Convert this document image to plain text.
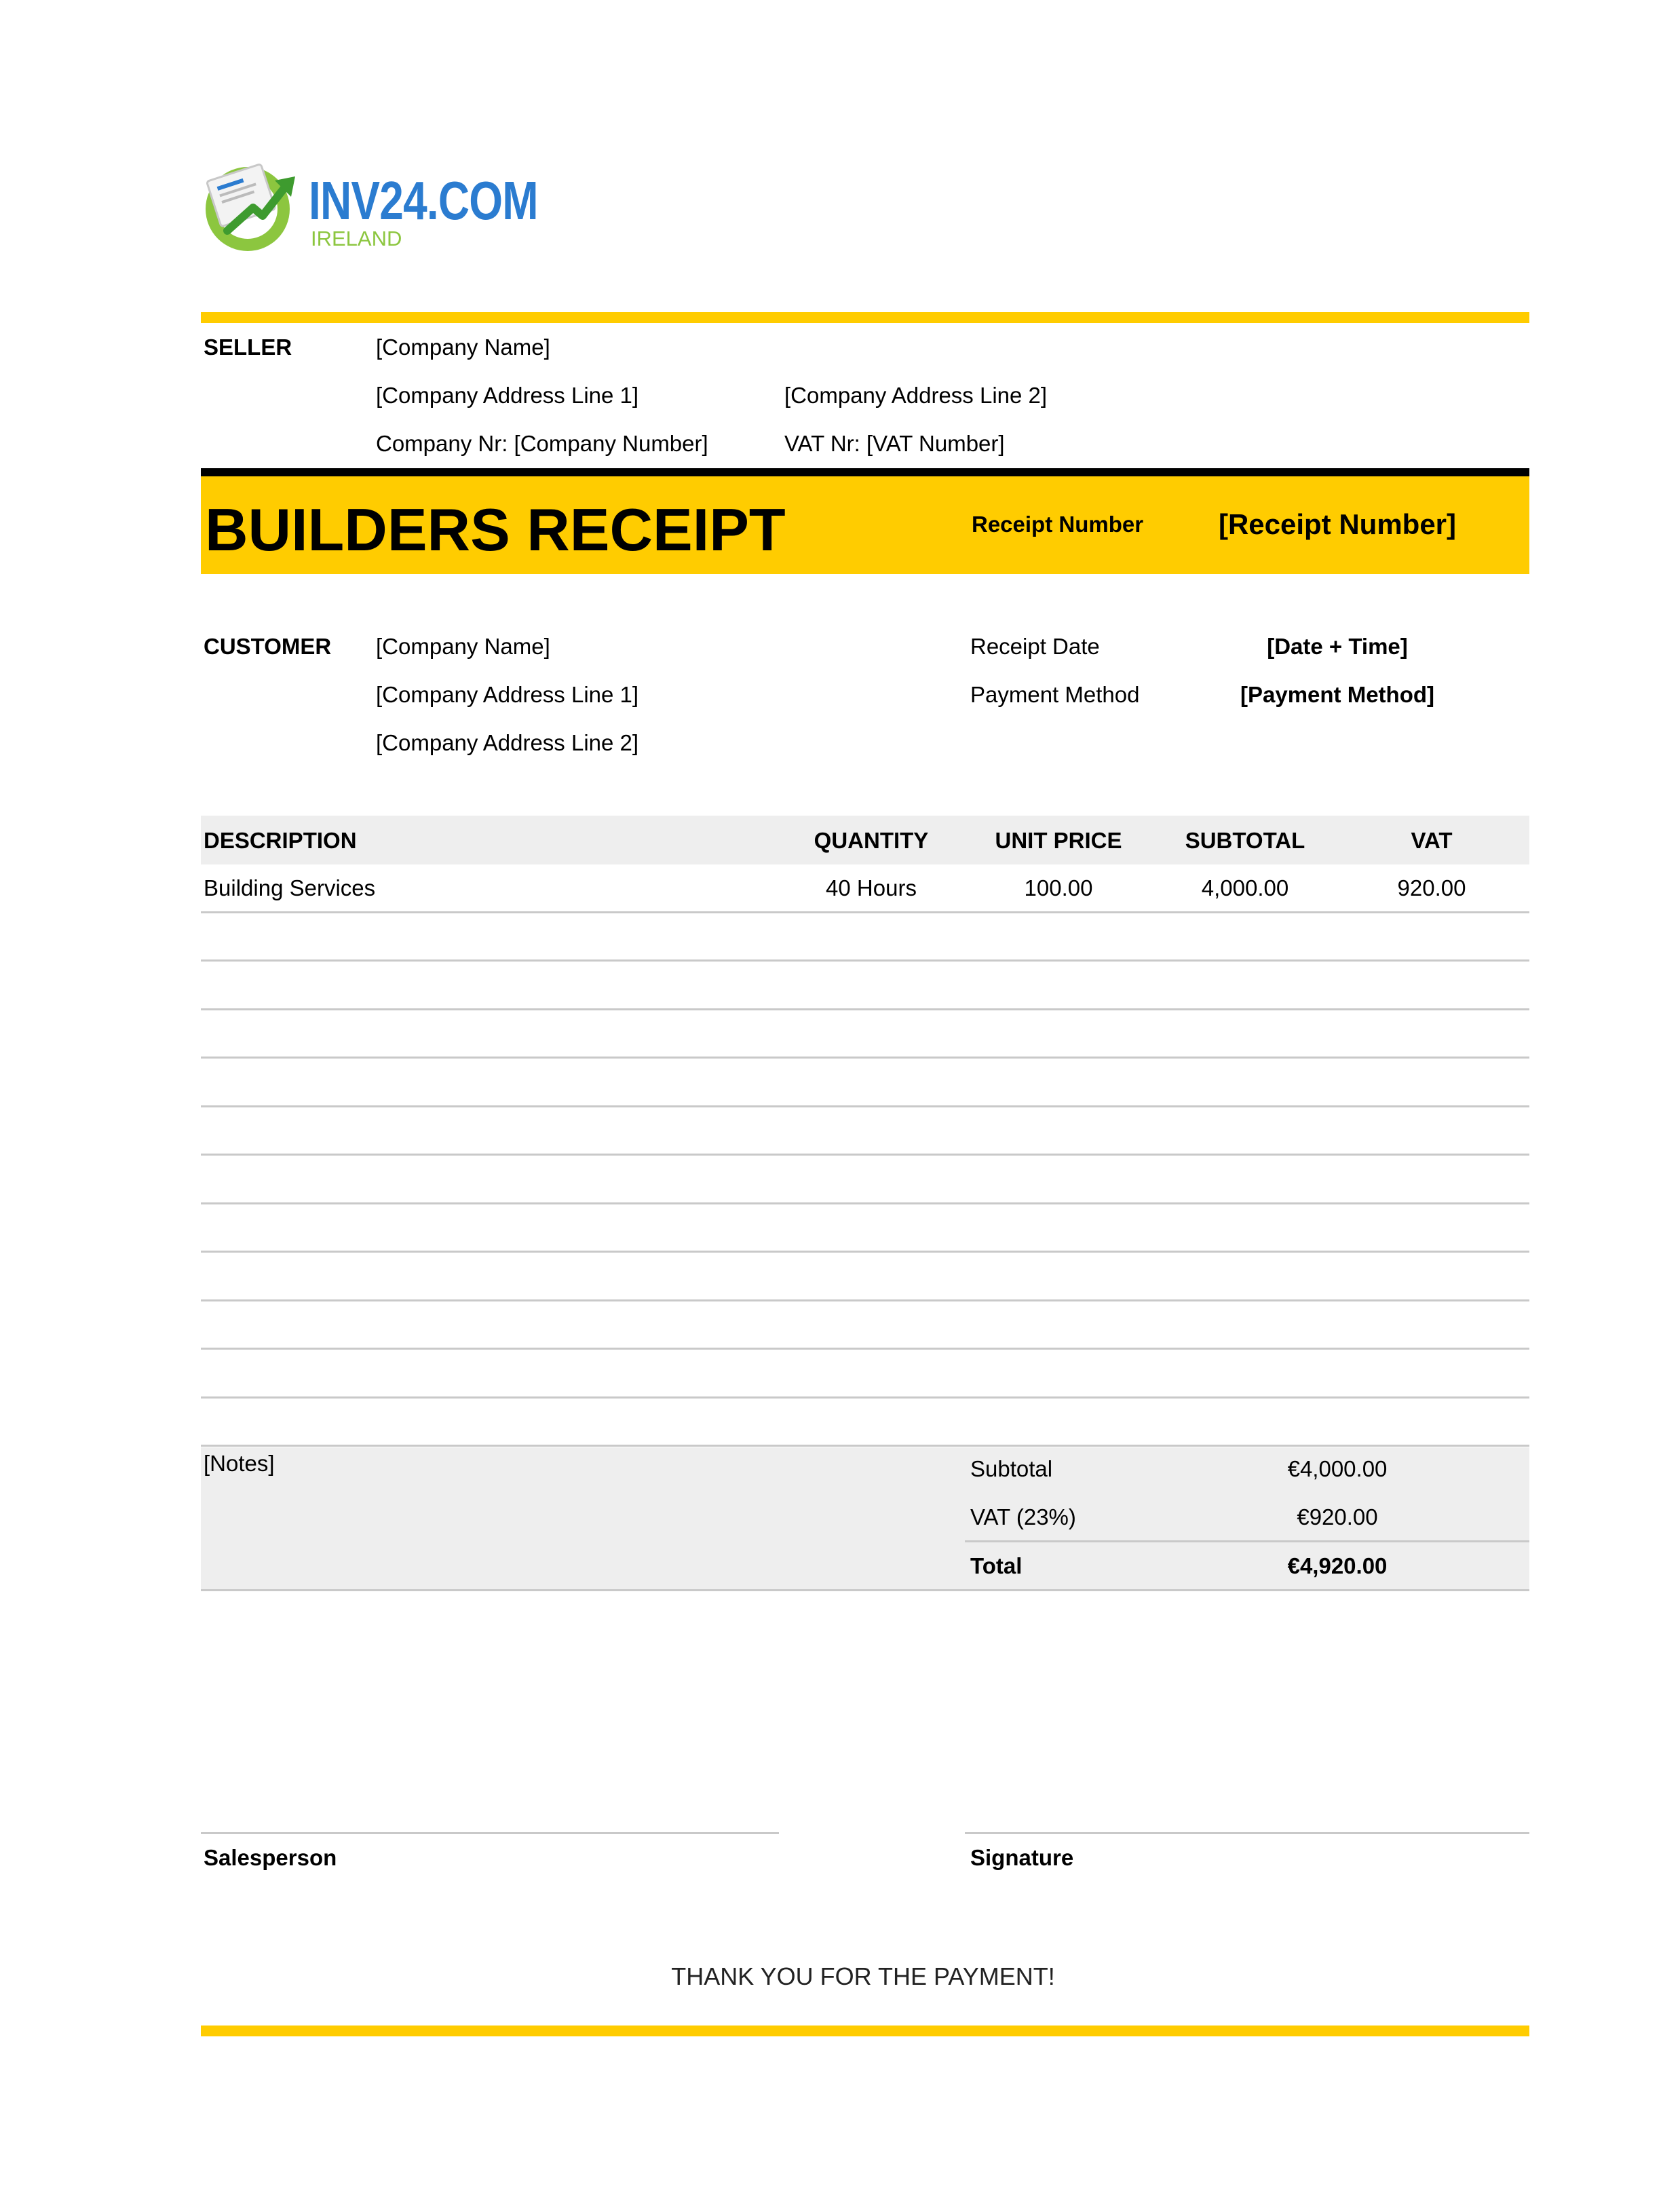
INV24.COM
IRELAND
SELLER	[Company Name]
[Company Address Line 1]	[Company Address Line 2]
Company Nr: [Company Number]	VAT Nr: [VAT Number]
BUILDERS RECEIPT	Receipt Number	[Receipt Number]
CUSTOMER [Company Name]
[Company Address Line 1]
[Company Address Line 2]
Receipt Date	[Date + Time]
Payment Method	[Payment Method]
DESCRIPTION	QUANTITY	UNIT PRICE	SUBTOTAL	VAT
Building Services	40 Hours	100.00	4,000.00	920.00
[Notes]	Subtotal	€4,000.00
VAT (23%)	€920.00
Total	€4,920.00
Salesperson	Signature
THANK YOU FOR THE PAYMENT!
